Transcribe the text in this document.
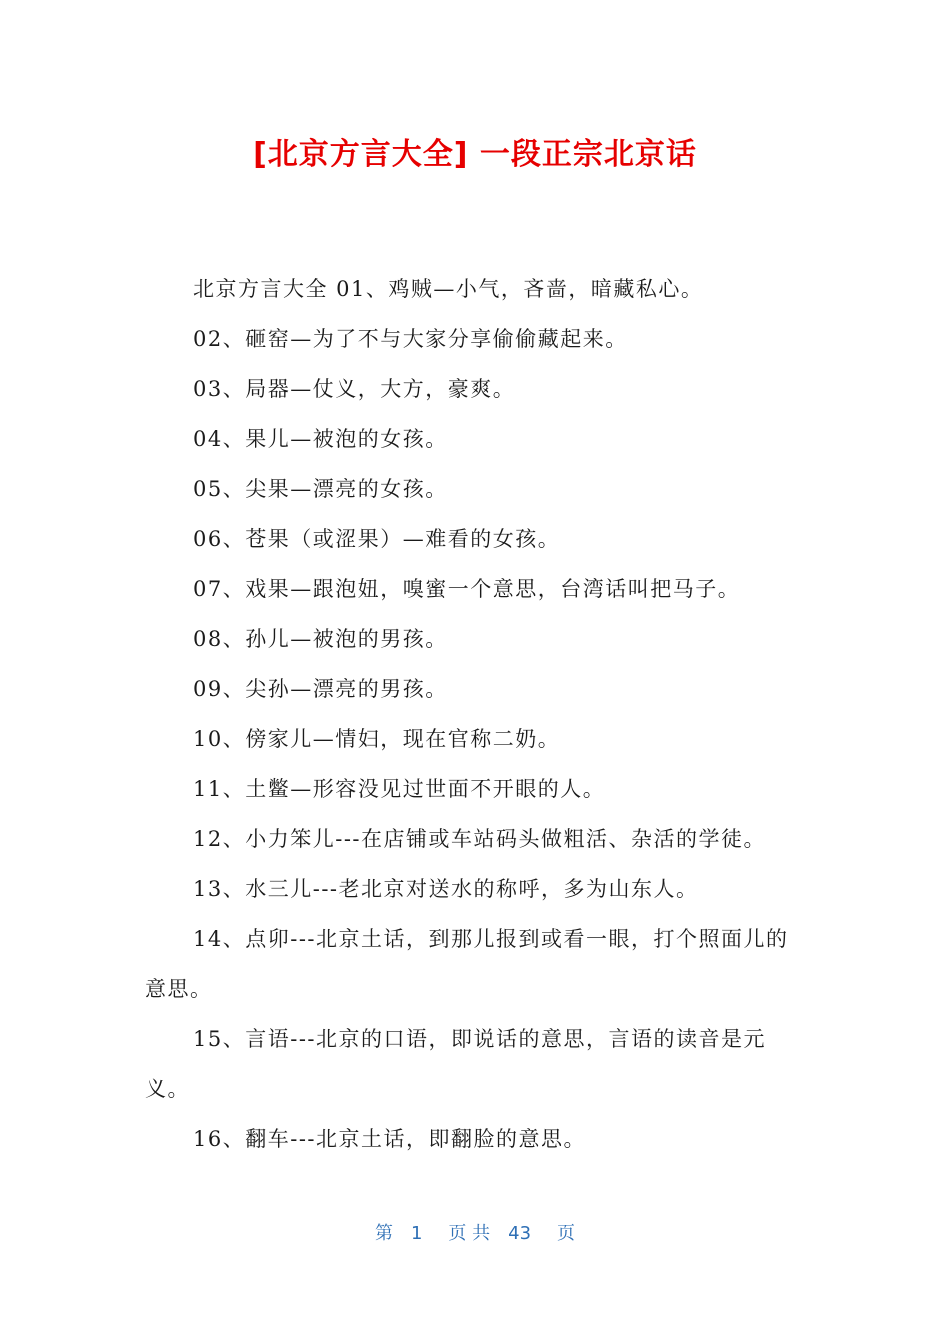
[北京方言大全] 一段正宗北京话

北京方言大全 01、鸡贼—小气，吝啬，暗藏私心。

02、砸窑—为了不与大家分享偷偷藏起来。

03、局器—仗义，大方，豪爽。

04、果儿—被泡的女孩。

05、尖果—漂亮的女孩。

06、苍果（或涩果）—难看的女孩。

07、戏果—跟泡妞，嗅蜜一个意思，台湾话叫把马子。

08、孙儿—被泡的男孩。

09、尖孙—漂亮的男孩。

10、傍家儿—情妇，现在官称二奶。

11、土鳖—形容没见过世面不开眼的人。

12、小力笨儿---在店铺或车站码头做粗活、杂活的学徒。

13、水三儿---老北京对送水的称呼，多为山东人。

14、点卯---北京土话，到那儿报到或看一眼，打个照面儿的意思。

15、言语---北京的口语，即说话的意思，言语的读音是元义。

16、翻车---北京土话，即翻脸的意思。

第 1 页 共 43 页
